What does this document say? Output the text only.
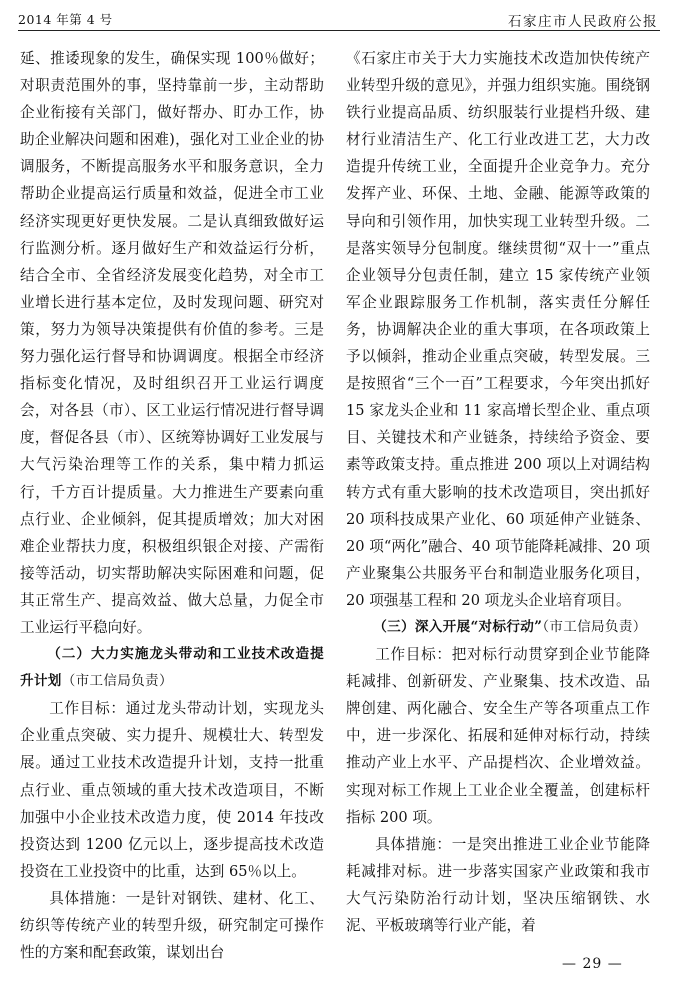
2014 年第 4 号	石家庄市人民政府公报

延、推诿现象的发生，确保实现 100％做好；对职责范围外的事，坚持靠前一步，主动帮助企业衔接有关部门，做好帮办、盯办工作，协助企业解决问题和困难)，强化对工业企业的协调服务，不断提高服务水平和服务意识，全力帮助企业提高运行质量和效益，促进全市工业经济实现更好更快发展。二是认真细致做好运行监测分析。逐月做好生产和效益运行分析，结合全市、全省经济发展变化趋势，对全市工业增长进行基本定位，及时发现问题、研究对策，努力为领导决策提供有价值的参考。三是努力强化运行督导和协调调度。根据全市经济指标变化情况，及时组织召开工业运行调度会，对各县（市）、区工业运行情况进行督导调度，督促各县（市）、区统筹协调好工业发展与大气污染治理等工作的关系，集中精力抓运行，千方百计提质量。大力推进生产要素向重点行业、企业倾斜，促其提质增效；加大对困难企业帮扶力度，积极组织银企对接、产需衔接等活动，切实帮助解决实际困难和问题，促其正常生产、提高效益、做大总量，力促全市工业运行平稳向好。

（二）大力实施龙头带动和工业技术改造提升计划（市工信局负责）

工作目标：通过龙头带动计划，实现龙头企业重点突破、实力提升、规模壮大、转型发展。通过工业技术改造提升计划，支持一批重点行业、重点领域的重大技术改造项目，不断加强中小企业技术改造力度，使 2014 年技改投资达到 1200 亿元以上，逐步提高技术改造投资在工业投资中的比重，达到 65％以上。

具体措施：一是针对钢铁、建材、化工、纺织等传统产业的转型升级，研究制定可操作性的方案和配套政策，谋划出台

《石家庄市关于大力实施技术改造加快传统产业转型升级的意见》，并强力组织实施。围绕钢铁行业提高品质、纺织服装行业提档升级、建材行业清洁生产、化工行业改进工艺，大力改造提升传统工业，全面提升企业竞争力。充分发挥产业、环保、土地、金融、能源等政策的导向和引领作用，加快实现工业转型升级。二是落实领导分包制度。继续贯彻“双十一”重点企业领导分包责任制，建立 15 家传统产业领军企业跟踪服务工作机制，落实责任分解任务，协调解决企业的重大事项，在各项政策上予以倾斜，推动企业重点突破，转型发展。三是按照省“三个一百”工程要求，今年突出抓好 15 家龙头企业和 11 家高增长型企业、重点项目、关键技术和产业链条，持续给予资金、要素等政策支持。重点推进 200 项以上对调结构转方式有重大影响的技术改造项目，突出抓好 20 项科技成果产业化、60 项延伸产业链条、20 项“两化”融合、40 项节能降耗减排、20 项产业聚集公共服务平台和制造业服务化项目，20 项强基工程和 20 项龙头企业培育项目。

（三）深入开展“对标行动”（市工信局负责）

工作目标：把对标行动贯穿到企业节能降耗减排、创新研发、产业聚集、技术改造、品牌创建、两化融合、安全生产等各项重点工作中，进一步深化、拓展和延伸对标行动，持续推动产业上水平、产品提档次、企业增效益。实现对标工作规上工业企业全覆盖，创建标杆指标 200 项。

具体措施：一是突出推进工业企业节能降耗减排对标。进一步落实国家产业政策和我市大气污染防治行动计划，坚决压缩钢铁、水泥、平板玻璃等行业产能，着

— 29 —
